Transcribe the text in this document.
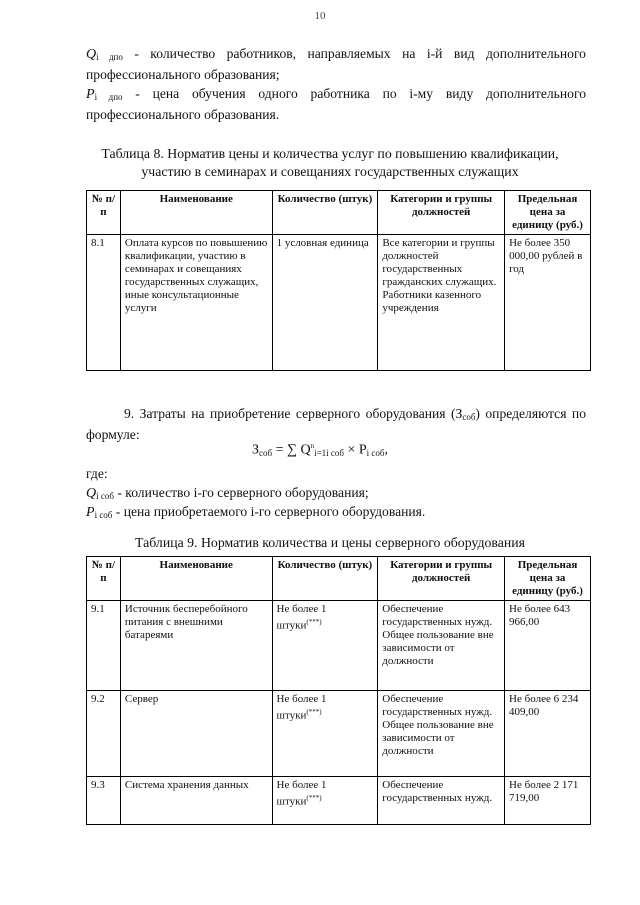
10
Qi дпо - количество работников, направляемых на i-й вид дополнительного профессионального образования;
Pi дпо - цена обучения одного работника по i-му виду дополнительного профессионального образования.
Таблица 8. Норматив цены и количества услуг по повышению квалификации,
участию в семинарах и совещаниях государственных служащих
№ п/п	Наименование	Количество (штук)	Категории и группы должностей	Предельная цена за единицу (руб.)
8.1	Оплата курсов по повышению квалификации, участию в семинарах и совещаниях государственных служащих, иные консультационные услуги	1 условная единица	Все категории и группы должностей государственных гражданских служащих. Работники казенного учреждения	Не более 350 000,00 рублей в год
9. Затраты на приобретение серверного оборудования (Зсоб) определяются по формуле:
Зсоб = ∑ $Q^ni=1i$ соб × Pi соб,
где:
Qi соб - количество i-го серверного оборудования;
Pi соб - цена приобретаемого i-го серверного оборудования.
Таблица 9. Норматив количества и цены серверного оборудования
№ п/п	Наименование	Количество (штук)	Категории и группы должностей	Предельная цена за единицу (руб.)
9.1	Источник бесперебойного питания с внешними батареями	Не более 1 штуки(***)	Обеспечение государственных нужд. Общее пользование вне зависимости от должности	Не более 643 966,00
9.2	Сервер	Не более 1 штуки(***)	Обеспечение государственных нужд. Общее пользование вне зависимости от должности	Не более 6 234 409,00
9.3	Система хранения данных	Не более 1 штуки(***)	Обеспечение государственных нужд.	Не более 2 171 719,00
